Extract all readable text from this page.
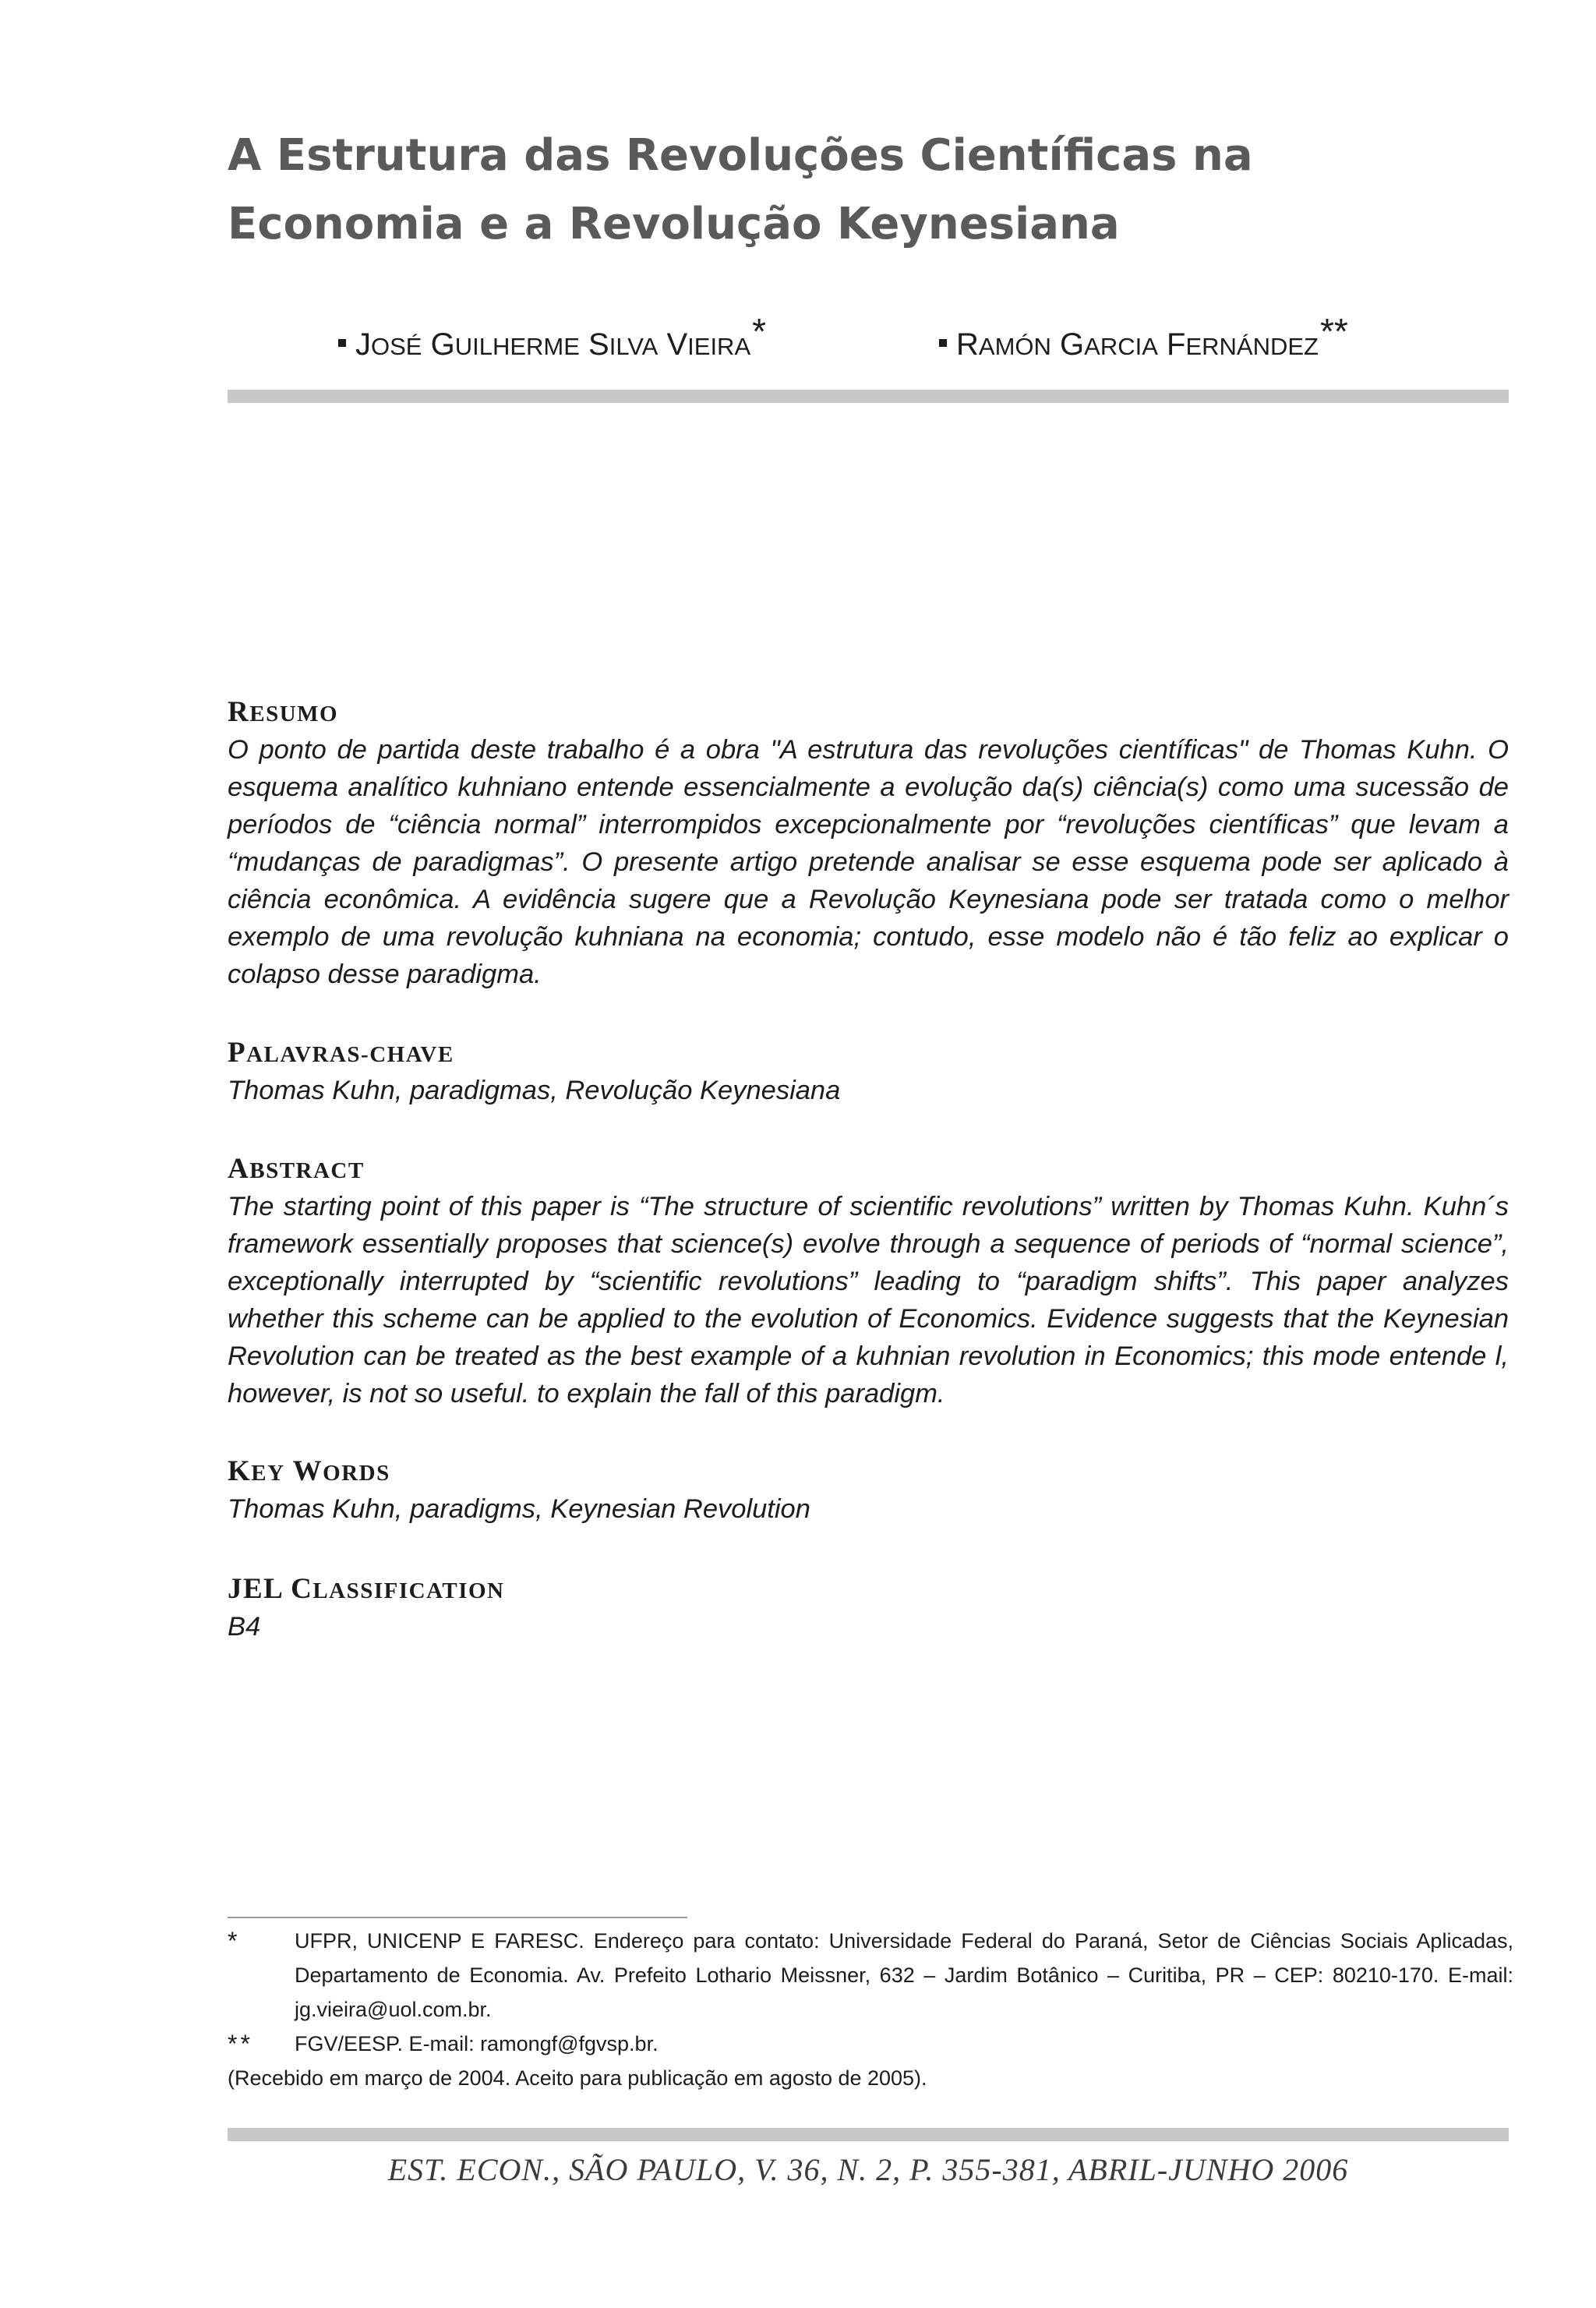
A Estrutura das Revoluções Científicas na
Economia e a Revolução Keynesiana
JOSÉ GUILHERME SILVA VIEIRA*	RAMÓN GARCIA FERNÁNDEZ**
RESUMO

O ponto de partida deste trabalho é a obra "A estrutura das revoluções científicas" de Thomas Kuhn. O esquema analítico kuhniano entende essencialmente a evolução da(s) ciência(s) como uma sucessão de períodos de “ciência normal” interrompidos excepcionalmente por “revoluções científicas” que levam a “mudanças de paradigmas”. O presente artigo pretende analisar se esse esquema pode ser aplicado à ciência econômica. A evidência sugere que a Revolução Keynesiana pode ser tratada como o melhor exemplo de uma revolução kuhniana na economia; contudo, esse modelo não é tão feliz ao explicar o colapso desse paradigma.

PALAVRAS-CHAVE

Thomas Kuhn, paradigmas, Revolução Keynesiana

ABSTRACT

The starting point of this paper is “The structure of scientific revolutions” written by Thomas Kuhn. Kuhn´s framework essentially proposes that science(s) evolve through a sequence of periods of “normal science”, exceptionally interrupted by “scientific revolutions” leading to “paradigm shifts”. This paper analyzes whether this scheme can be applied to the evolution of Economics. Evidence suggests that the Keynesian Revolution can be treated as the best example of a kuhnian revolution in Economics; this mode entende l, however, is not so useful. to explain the fall of this paradigm.

KEY WORDS

Thomas Kuhn, paradigms, Keynesian Revolution

JEL CLASSIFICATION

B4

*	UFPR, UNICENP E FARESC. Endereço para contato: Universidade Federal do Paraná, Setor de Ciências Sociais Aplicadas, Departamento de Economia. Av. Prefeito Lothario Meissner, 632 – Jardim Botânico – Curitiba, PR – CEP: 80210-170. E-mail: jg.vieira@uol.com.br.
** FGV/EESP. E-mail: ramongf@fgvsp.br.
(Recebido em março de 2004. Aceito para publicação em agosto de 2005).
EST. ECON., SÃO PAULO, V. 36, N. 2, P. 355-381, ABRIL-JUNHO 2006
